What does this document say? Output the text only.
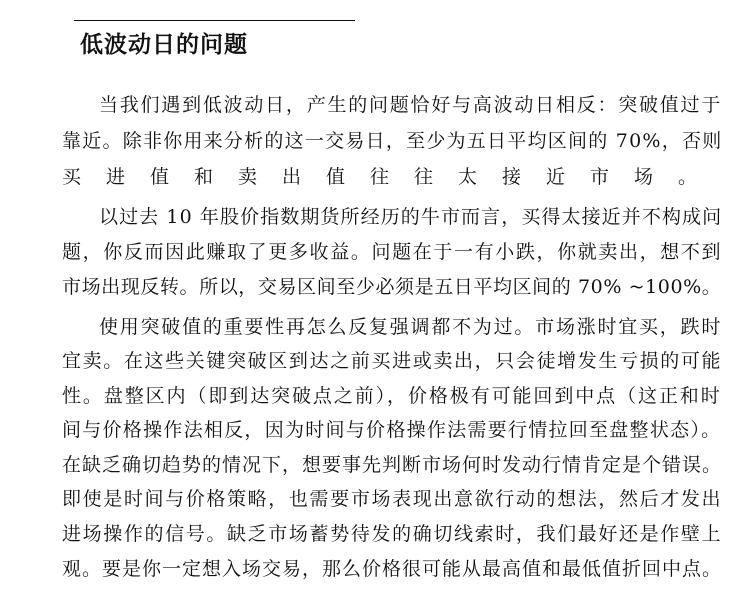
低波动日的问题

当我们遇到低波动日，产生的问题恰好与高波动日相反：突破值过于

靠近。除非你用来分析的这一交易日，至少为五日平均区间的 70%，否则

买进值和卖出值往往太接近市场。

以过去 10 年股价指数期货所经历的牛市而言，买得太接近并不构成问

题，你反而因此赚取了更多收益。问题在于一有小跌，你就卖出，想不到

市场出现反转。所以，交易区间至少必须是五日平均区间的 70% ~100%。

使用突破值的重要性再怎么反复强调都不为过。市场涨时宜买，跌时

宜卖。在这些关键突破区到达之前买进或卖出，只会徒增发生亏损的可能

性。盘整区内（即到达突破点之前），价格极有可能回到中点（这正和时

间与价格操作法相反，因为时间与价格操作法需要行情拉回至盘整状态）。

在缺乏确切趋势的情况下，想要事先判断市场何时发动行情肯定是个错误。

即使是时间与价格策略，也需要市场表现出意欲行动的想法，然后才发出

进场操作的信号。缺乏市场蓄势待发的确切线索时，我们最好还是作壁上

观。要是你一定想入场交易，那么价格很可能从最高值和最低值折回中点。
